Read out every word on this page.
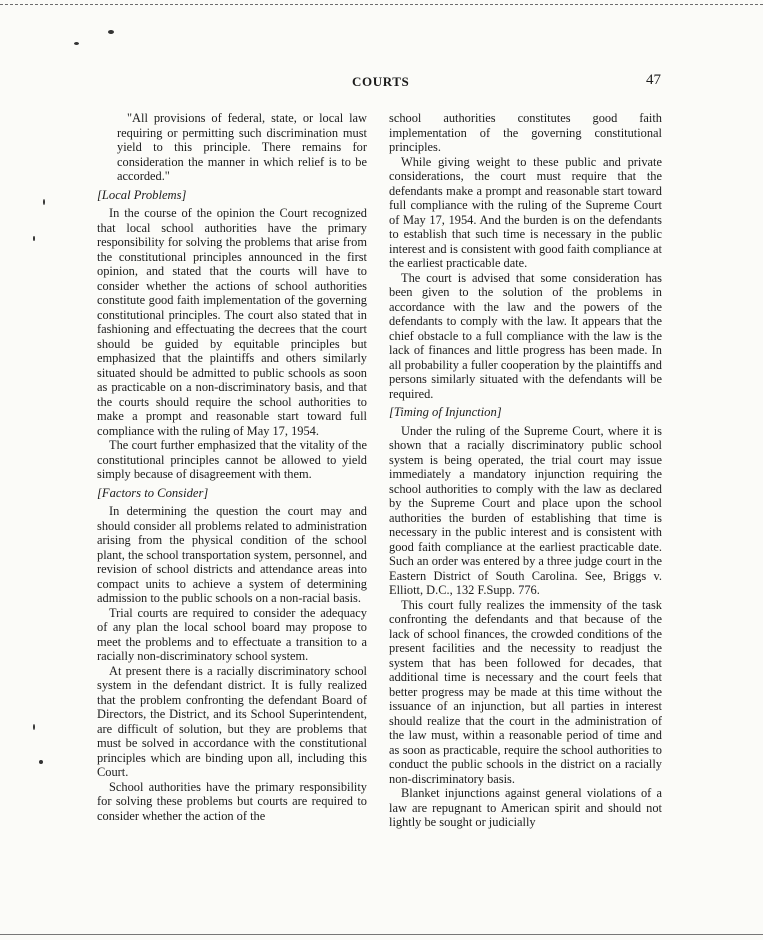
COURTS	47

"All provisions of federal, state, or local law requiring or permitting such discrimination must yield to this principle. There remains for consideration the manner in which relief is to be accorded."

[Local Problems]

In the course of the opinion the Court recognized that local school authorities have the primary responsibility for solving the problems that arise from the constitutional principles announced in the first opinion, and stated that the courts will have to consider whether the actions of school authorities constitute good faith implementation of the governing constitutional principles. The court also stated that in fashioning and effectuating the decrees that the court should be guided by equitable principles but emphasized that the plaintiffs and others similarly situated should be admitted to public schools as soon as practicable on a non-discriminatory basis, and that the courts should require the school authorities to make a prompt and reasonable start toward full compliance with the ruling of May 17, 1954.

The court further emphasized that the vitality of the constitutional principles cannot be allowed to yield simply because of disagreement with them.

[Factors to Consider]

In determining the question the court may and should consider all problems related to administration arising from the physical condition of the school plant, the school transportation system, personnel, and revision of school districts and attendance areas into compact units to achieve a system of determining admission to the public schools on a non-racial basis.

Trial courts are required to consider the adequacy of any plan the local school board may propose to meet the problems and to effectuate a transition to a racially non-discriminatory school system.

At present there is a racially discriminatory school system in the defendant district. It is fully realized that the problem confronting the defendant Board of Directors, the District, and its School Superintendent, are difficult of solution, but they are problems that must be solved in accordance with the constitutional principles which are binding upon all, including this Court.

School authorities have the primary responsibility for solving these problems but courts are required to consider whether the action of the

school authorities constitutes good faith implementation of the governing constitutional principles.

While giving weight to these public and private considerations, the court must require that the defendants make a prompt and reasonable start toward full compliance with the ruling of the Supreme Court of May 17, 1954. And the burden is on the defendants to establish that such time is necessary in the public interest and is consistent with good faith compliance at the earliest practicable date.

The court is advised that some consideration has been given to the solution of the problems in accordance with the law and the powers of the defendants to comply with the law. It appears that the chief obstacle to a full compliance with the law is the lack of finances and little progress has been made. In all probability a fuller cooperation by the plaintiffs and persons similarly situated with the defendants will be required.

[Timing of Injunction]

Under the ruling of the Supreme Court, where it is shown that a racially discriminatory public school system is being operated, the trial court may issue immediately a mandatory injunction requiring the school authorities to comply with the law as declared by the Supreme Court and place upon the school authorities the burden of establishing that time is necessary in the public interest and is consistent with good faith compliance at the earliest practicable date. Such an order was entered by a three judge court in the Eastern District of South Carolina. See, Briggs v. Elliott, D.C., 132 F.Supp. 776.

This court fully realizes the immensity of the task confronting the defendants and that because of the lack of school finances, the crowded conditions of the present facilities and the necessity to readjust the system that has been followed for decades, that additional time is necessary and the court feels that better progress may be made at this time without the issuance of an injunction, but all parties in interest should realize that the court in the administration of the law must, within a reasonable period of time and as soon as practicable, require the school authorities to conduct the public schools in the district on a racially non-discriminatory basis.

Blanket injunctions against general violations of a law are repugnant to American spirit and should not lightly be sought or judicially
